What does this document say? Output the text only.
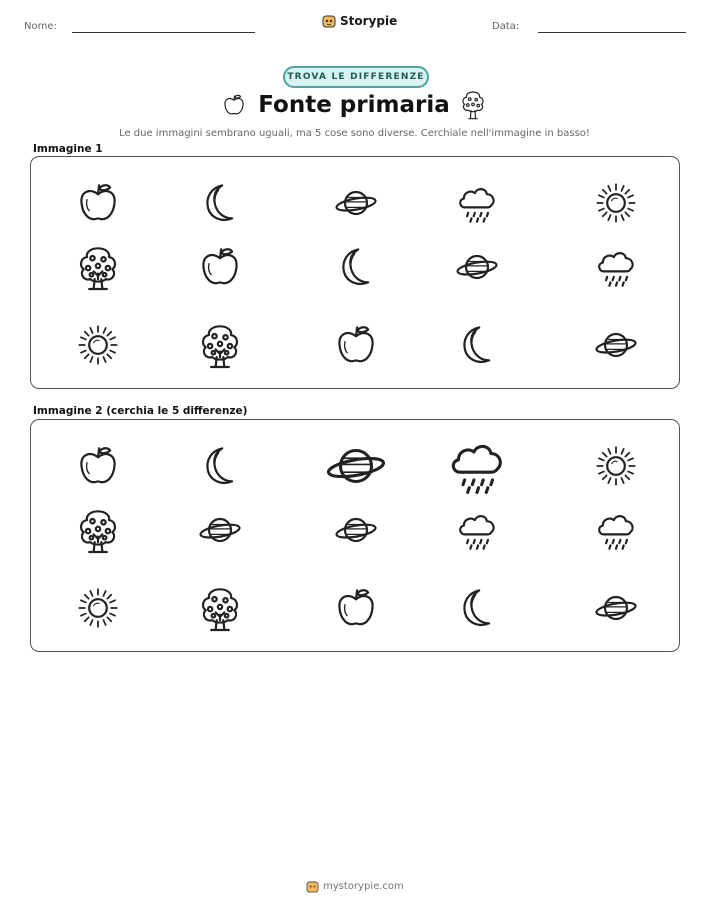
Nome:	Storypie	Data:
TROVA LE DIFFERENZE
Fonte primaria
Le due immagini sembrano uguali, ma 5 cose sono diverse. Cerchiale nell'immagine in basso!
Immagine 1
Immagine 2 (cerchia le 5 differenze)
mystorypie.com
